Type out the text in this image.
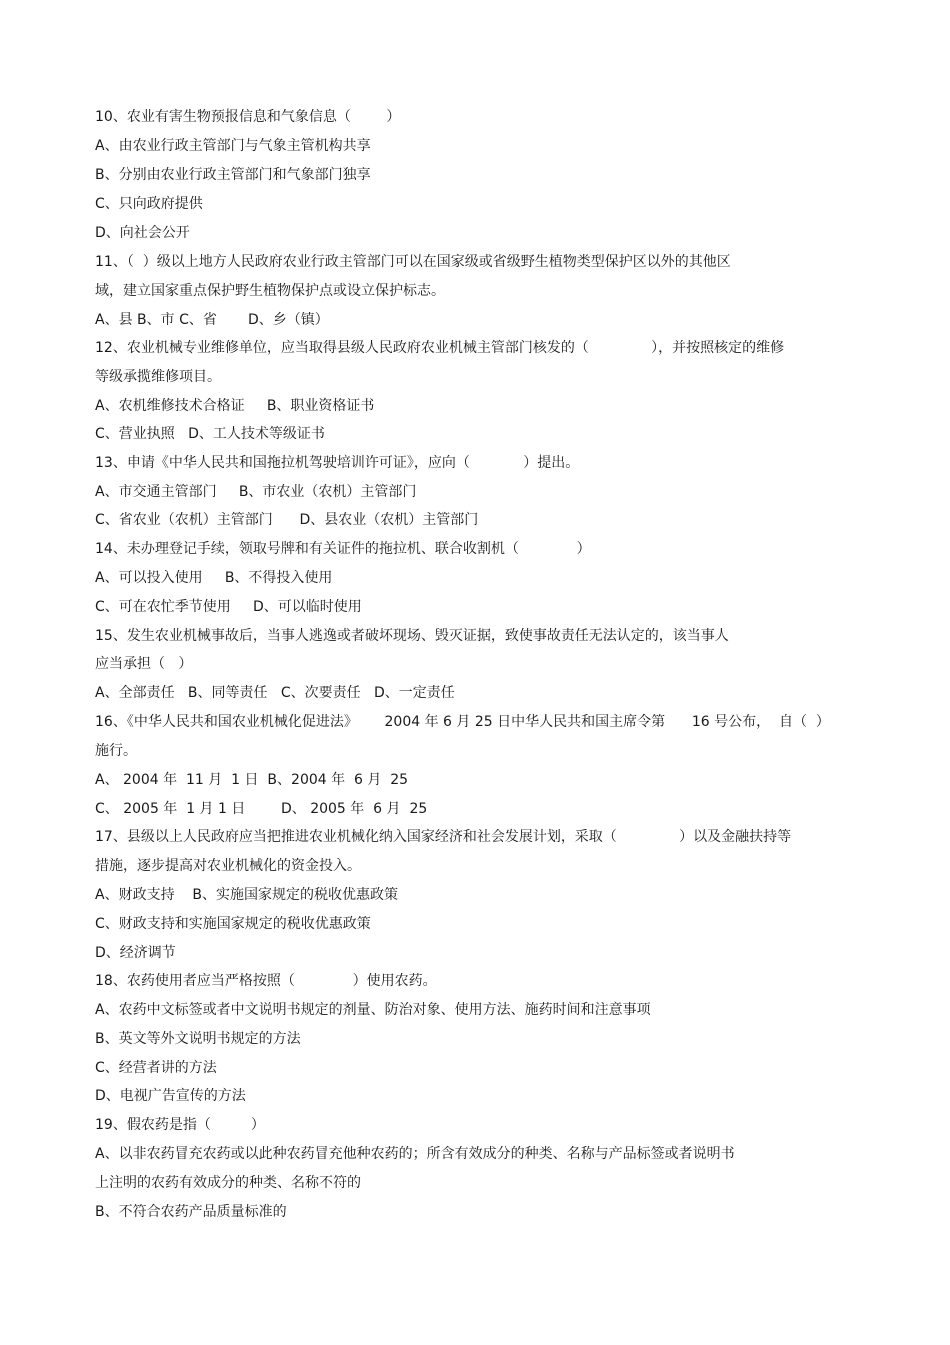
10、农业有害生物预报信息和气象信息（        ）
A、由农业行政主管部门与气象主管机构共享
B、分别由农业行政主管部门和气象部门独享
C、只向政府提供
D、向社会公开
11、（  ）级以上地方人民政府农业行政主管部门可以在国家级或省级野生植物类型保护区以外的其他区
域，建立国家重点保护野生植物保护点或设立保护标志。
A、县 B、市 C、省       D、乡（镇）
12、农业机械专业维修单位，应当取得县级人民政府农业机械主管部门核发的（              ），并按照核定的维修
等级承揽维修项目。
A、农机维修技术合格证     B、职业资格证书
C、营业执照   D、工人技术等级证书
13、申请《中华人民共和国拖拉机驾驶培训许可证》，应向（            ）提出。
A、市交通主管部门     B、市农业（农机）主管部门
C、省农业（农机）主管部门      D、县农业（农机）主管部门
14、未办理登记手续，领取号牌和有关证件的拖拉机、联合收割机（             ）
A、可以投入使用     B、不得投入使用
C、可在农忙季节使用     D、可以临时使用
15、发生农业机械事故后，当事人逃逸或者破坏现场、毁灭证据，致使事故责任无法认定的，该当事人
应当承担（   ）
A、全部责任   B、同等责任   C、次要责任   D、一定责任
16、《中华人民共和国农业机械化促进法》      2004 年 6 月 25 日中华人民共和国主席令第      16 号公布，  自（  ）
施行。
A、 2004 年  11 月  1 日  B、2004 年  6 月  25
C、 2005 年  1 月 1 日        D、 2005 年  6 月  25
17、县级以上人民政府应当把推进农业机械化纳入国家经济和社会发展计划，采取（              ）以及金融扶持等
措施，逐步提高对农业机械化的资金投入。
A、财政支持    B、实施国家规定的税收优惠政策
C、财政支持和实施国家规定的税收优惠政策
D、经济调节
18、农药使用者应当严格按照（             ）使用农药。
A、农药中文标签或者中文说明书规定的剂量、防治对象、使用方法、施药时间和注意事项
B、英文等外文说明书规定的方法
C、经营者讲的方法
D、电视广告宣传的方法
19、假农药是指（         ）
A、以非农药冒充农药或以此种农药冒充他种农药的；所含有效成分的种类、名称与产品标签或者说明书
上注明的农药有效成分的种类、名称不符的
B、不符合农药产品质量标准的
